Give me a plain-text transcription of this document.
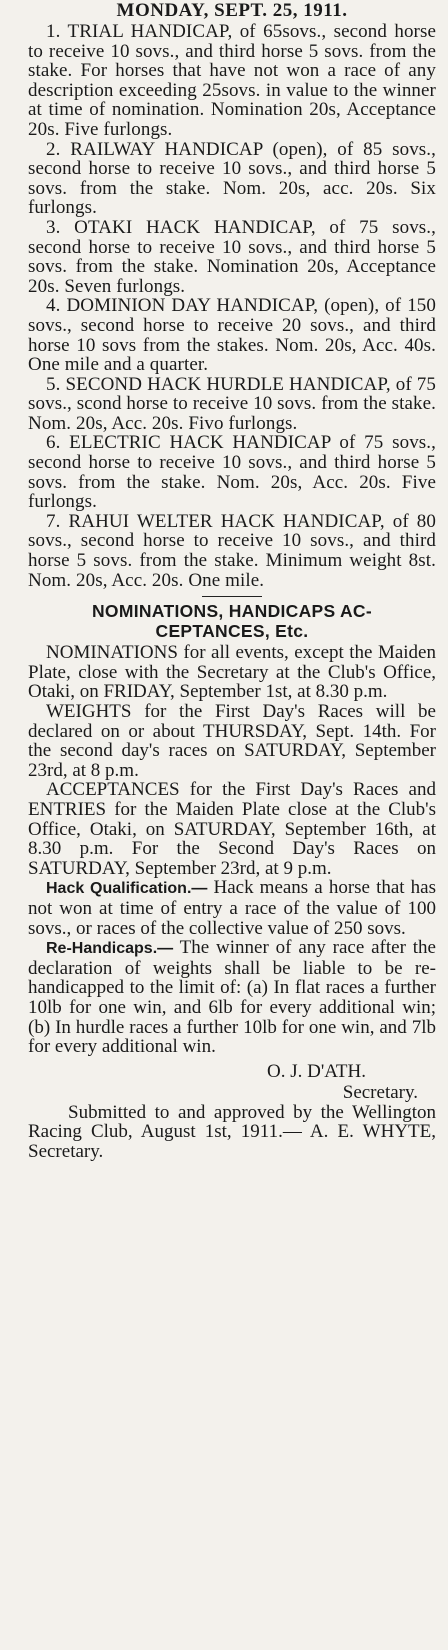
MONDAY, SEPT. 25, 1911.

1. TRIAL HANDICAP, of 65sovs., second horse to receive 10 sovs., and third horse 5 sovs. from the stake. For horses that have not won a race of any description exceeding 25sovs. in value to the winner at time of nomination. Nomination 20s, Acceptance 20s. Five furlongs.

2. RAILWAY HANDICAP (open), of 85 sovs., second horse to receive 10 sovs., and third horse 5 sovs. from the stake. Nom. 20s, acc. 20s. Six furlongs.

3. OTAKI HACK HANDICAP, of 75 sovs., second horse to receive 10 sovs., and third horse 5 sovs. from the stake. Nomination 20s, Acceptance 20s. Seven furlongs.

4. DOMINION DAY HANDICAP, (open), of 150 sovs., second horse to receive 20 sovs., and third horse 10 sovs from the stakes. Nom. 20s, Acc. 40s. One mile and a quarter.

5. SECOND HACK HURDLE HANDICAP, of 75 sovs., scond horse to receive 10 sovs. from the stake. Nom. 20s, Acc. 20s. Fivo furlongs.

6. ELECTRIC HACK HANDICAP of 75 sovs., second horse to receive 10 sovs., and third horse 5 sovs. from the stake. Nom. 20s, Acc. 20s. Five furlongs.

7. RAHUI WELTER HACK HANDICAP, of 80 sovs., second horse to receive 10 sovs., and third horse 5 sovs. from the stake. Minimum weight 8st. Nom. 20s, Acc. 20s. One mile.

NOMINATIONS, HANDICAPS AC-
CEPTANCES, Etc.

NOMINATIONS for all events, except the Maiden Plate, close with the Secretary at the Club's Office, Otaki, on FRIDAY, September 1st, at 8.30 p.m.

WEIGHTS for the First Day's Races will be declared on or about THURSDAY, Sept. 14th. For the second day's races on SATURDAY, September 23rd, at 8 p.m.

ACCEPTANCES for the First Day's Races and ENTRIES for the Maiden Plate close at the Club's Office, Otaki, on SATURDAY, September 16th, at 8.30 p.m. For the Second Day's Races on SATURDAY, September 23rd, at 9 p.m.

Hack Qualification.— Hack means a horse that has not won at time of entry a race of the value of 100 sovs., or races of the collective value of 250 sovs.

Re-Handicaps.— The winner of any race after the declaration of weights shall be liable to be re-handicapped to the limit of: (a) In flat races a further 10lb for one win, and 6lb for every additional win; (b) In hurdle races a further 10lb for one win, and 7lb for every additional win.

O. J. D'ATH.

Secretary.

Submitted to and approved by the Wellington Racing Club, August 1st, 1911.— A. E. WHYTE, Secretary.
